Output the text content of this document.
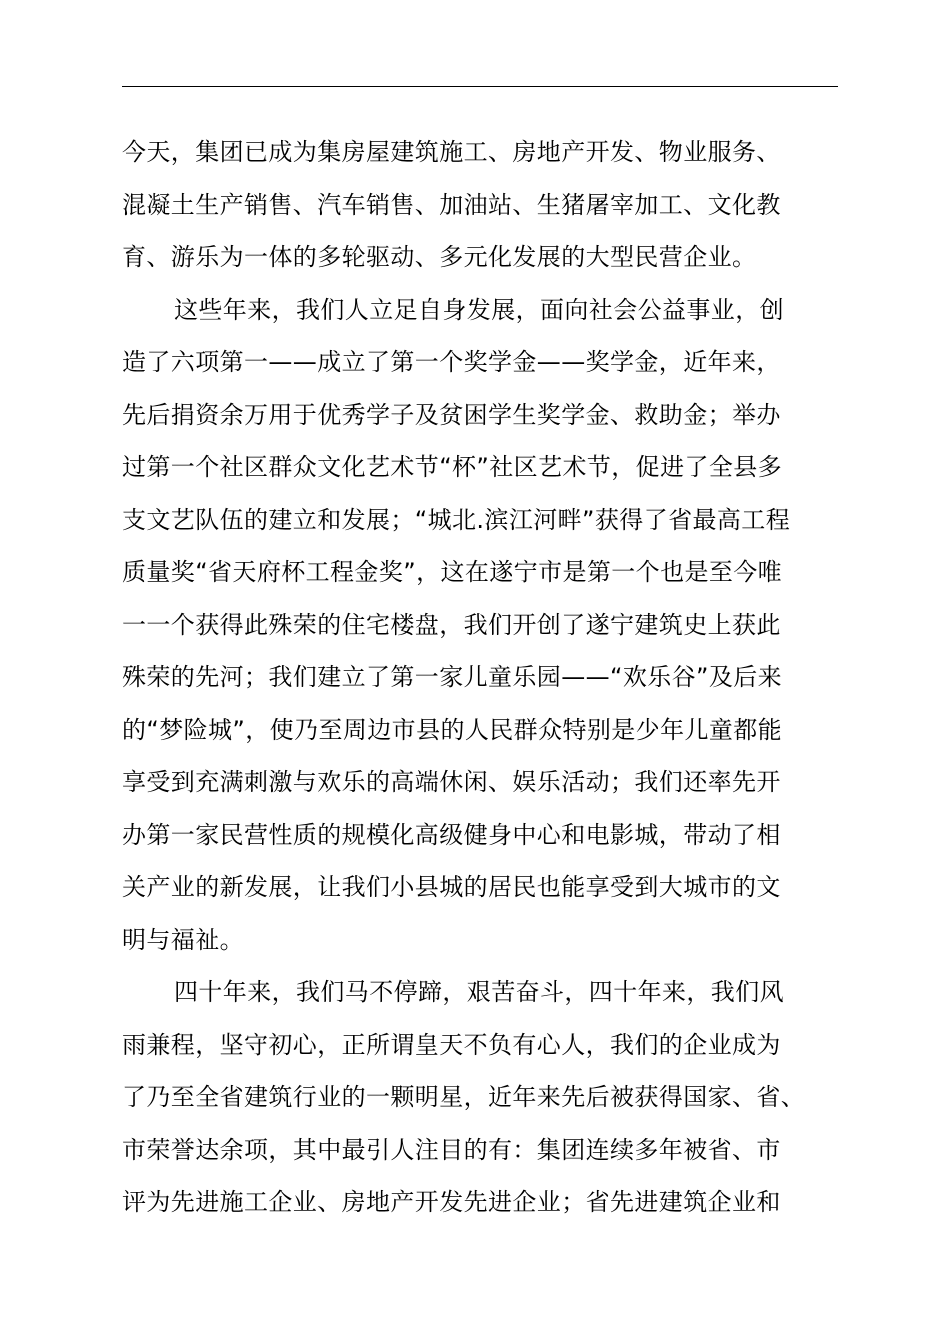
今天，集团已成为集房屋建筑施工、房地产开发、物业服务、
混凝土生产销售、汽车销售、加油站、生猪屠宰加工、文化教
育、游乐为一体的多轮驱动、多元化发展的大型民营企业。
这些年来，我们人立足自身发展，面向社会公益事业，创
造了六项第一——成立了第一个奖学金——奖学金，近年来，
先后捐资余万用于优秀学子及贫困学生奖学金、救助金；举办
过第一个社区群众文化艺术节“杯”社区艺术节，促进了全县多
支文艺队伍的建立和发展；“城北.滨江河畔”获得了省最高工程
质量奖“省天府杯工程金奖”，这在遂宁市是第一个也是至今唯
一一个获得此殊荣的住宅楼盘，我们开创了遂宁建筑史上获此
殊荣的先河；我们建立了第一家儿童乐园——“欢乐谷”及后来
的“梦险城”，使乃至周边市县的人民群众特别是少年儿童都能
享受到充满刺激与欢乐的高端休闲、娱乐活动；我们还率先开
办第一家民营性质的规模化高级健身中心和电影城，带动了相
关产业的新发展，让我们小县城的居民也能享受到大城市的文
明与福祉。
四十年来，我们马不停蹄，艰苦奋斗，四十年来，我们风
雨兼程，坚守初心，正所谓皇天不负有心人，我们的企业成为
了乃至全省建筑行业的一颗明星，近年来先后被获得国家、省、
市荣誉达余项，其中最引人注目的有：集团连续多年被省、市
评为先进施工企业、房地产开发先进企业；省先进建筑企业和
